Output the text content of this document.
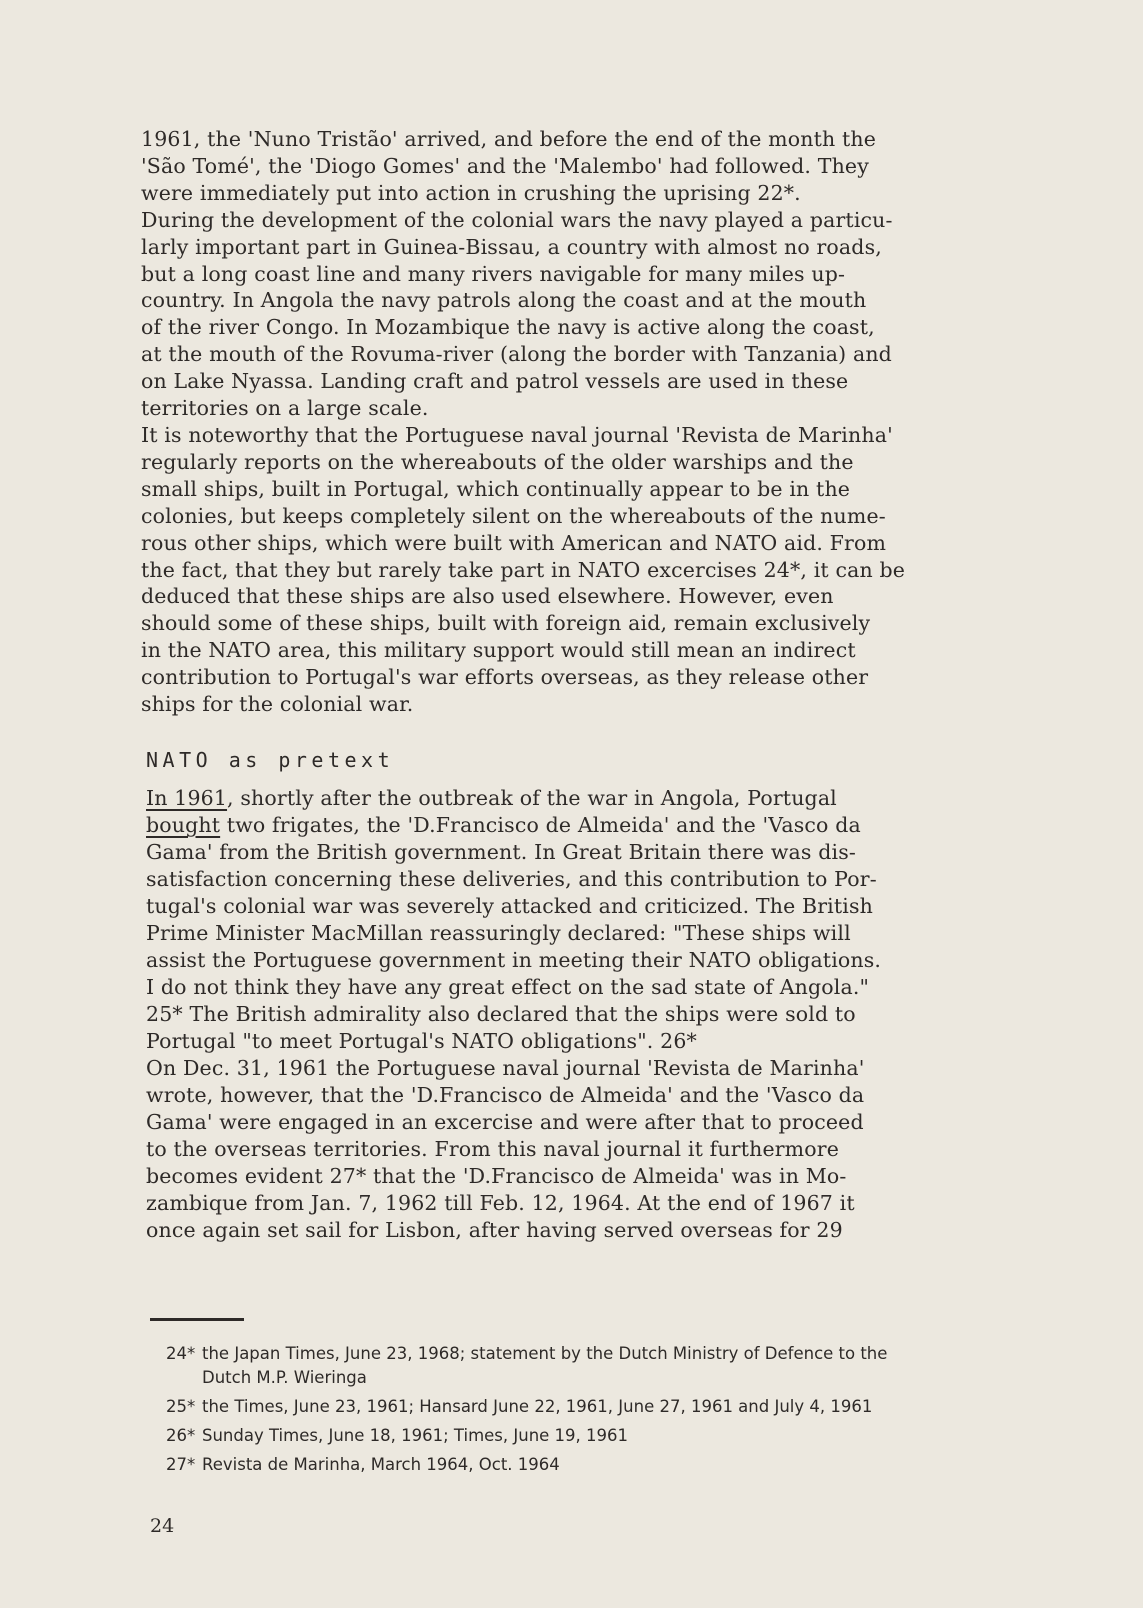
1961, the 'Nuno Tristão' arrived, and before the end of the month the
'São Tomé', the 'Diogo Gomes' and the 'Malembo' had followed. They
were immediately put into action in crushing the uprising 22*.
During the development of the colonial wars the navy played a particu-
larly important part in Guinea-Bissau, a country with almost no roads,
but a long coast line and many rivers navigable for many miles up-
country. In Angola the navy patrols along the coast and at the mouth
of the river Congo. In Mozambique the navy is active along the coast,
at the mouth of the Rovuma-river (along the border with Tanzania) and
on Lake Nyassa. Landing craft and patrol vessels are used in these
territories on a large scale.
It is noteworthy that the Portuguese naval journal 'Revista de Marinha'
regularly reports on the whereabouts of the older warships and the
small ships, built in Portugal, which continually appear to be in the
colonies, but keeps completely silent on the whereabouts of the nume-
rous other ships, which were built with American and NATO aid. From
the fact, that they but rarely take part in NATO excercises 24*, it can be
deduced that these ships are also used elsewhere. However, even
should some of these ships, built with foreign aid, remain exclusively
in the NATO area, this military support would still mean an indirect
contribution to Portugal's war efforts overseas, as they release other
ships for the colonial war.
NATO as pretext
In 1961, shortly after the outbreak of the war in Angola, Portugal
bought two frigates, the 'D.Francisco de Almeida' and the 'Vasco da
Gama' from the British government. In Great Britain there was dis-
satisfaction concerning these deliveries, and this contribution to Por-
tugal's colonial war was severely attacked and criticized. The British
Prime Minister MacMillan reassuringly declared: "These ships will
assist the Portuguese government in meeting their NATO obligations.
I do not think they have any great effect on the sad state of Angola."
25* The British admirality also declared that the ships were sold to
Portugal "to meet Portugal's NATO obligations". 26*
On Dec. 31, 1961 the Portuguese naval journal 'Revista de Marinha'
wrote, however, that the 'D.Francisco de Almeida' and the 'Vasco da
Gama' were engaged in an excercise and were after that to proceed
to the overseas territories. From this naval journal it furthermore
becomes evident 27* that the 'D.Francisco de Almeida' was in Mo-
zambique from Jan. 7, 1962 till Feb. 12, 1964. At the end of 1967 it
once again set sail for Lisbon, after having served overseas for 29
24* the Japan Times, June 23, 1968; statement by the Dutch Ministry of Defence to the
Dutch M.P. Wieringa
25* the Times, June 23, 1961; Hansard June 22, 1961, June 27, 1961 and July 4, 1961
26* Sunday Times, June 18, 1961; Times, June 19, 1961
27* Revista de Marinha, March 1964, Oct. 1964
24
